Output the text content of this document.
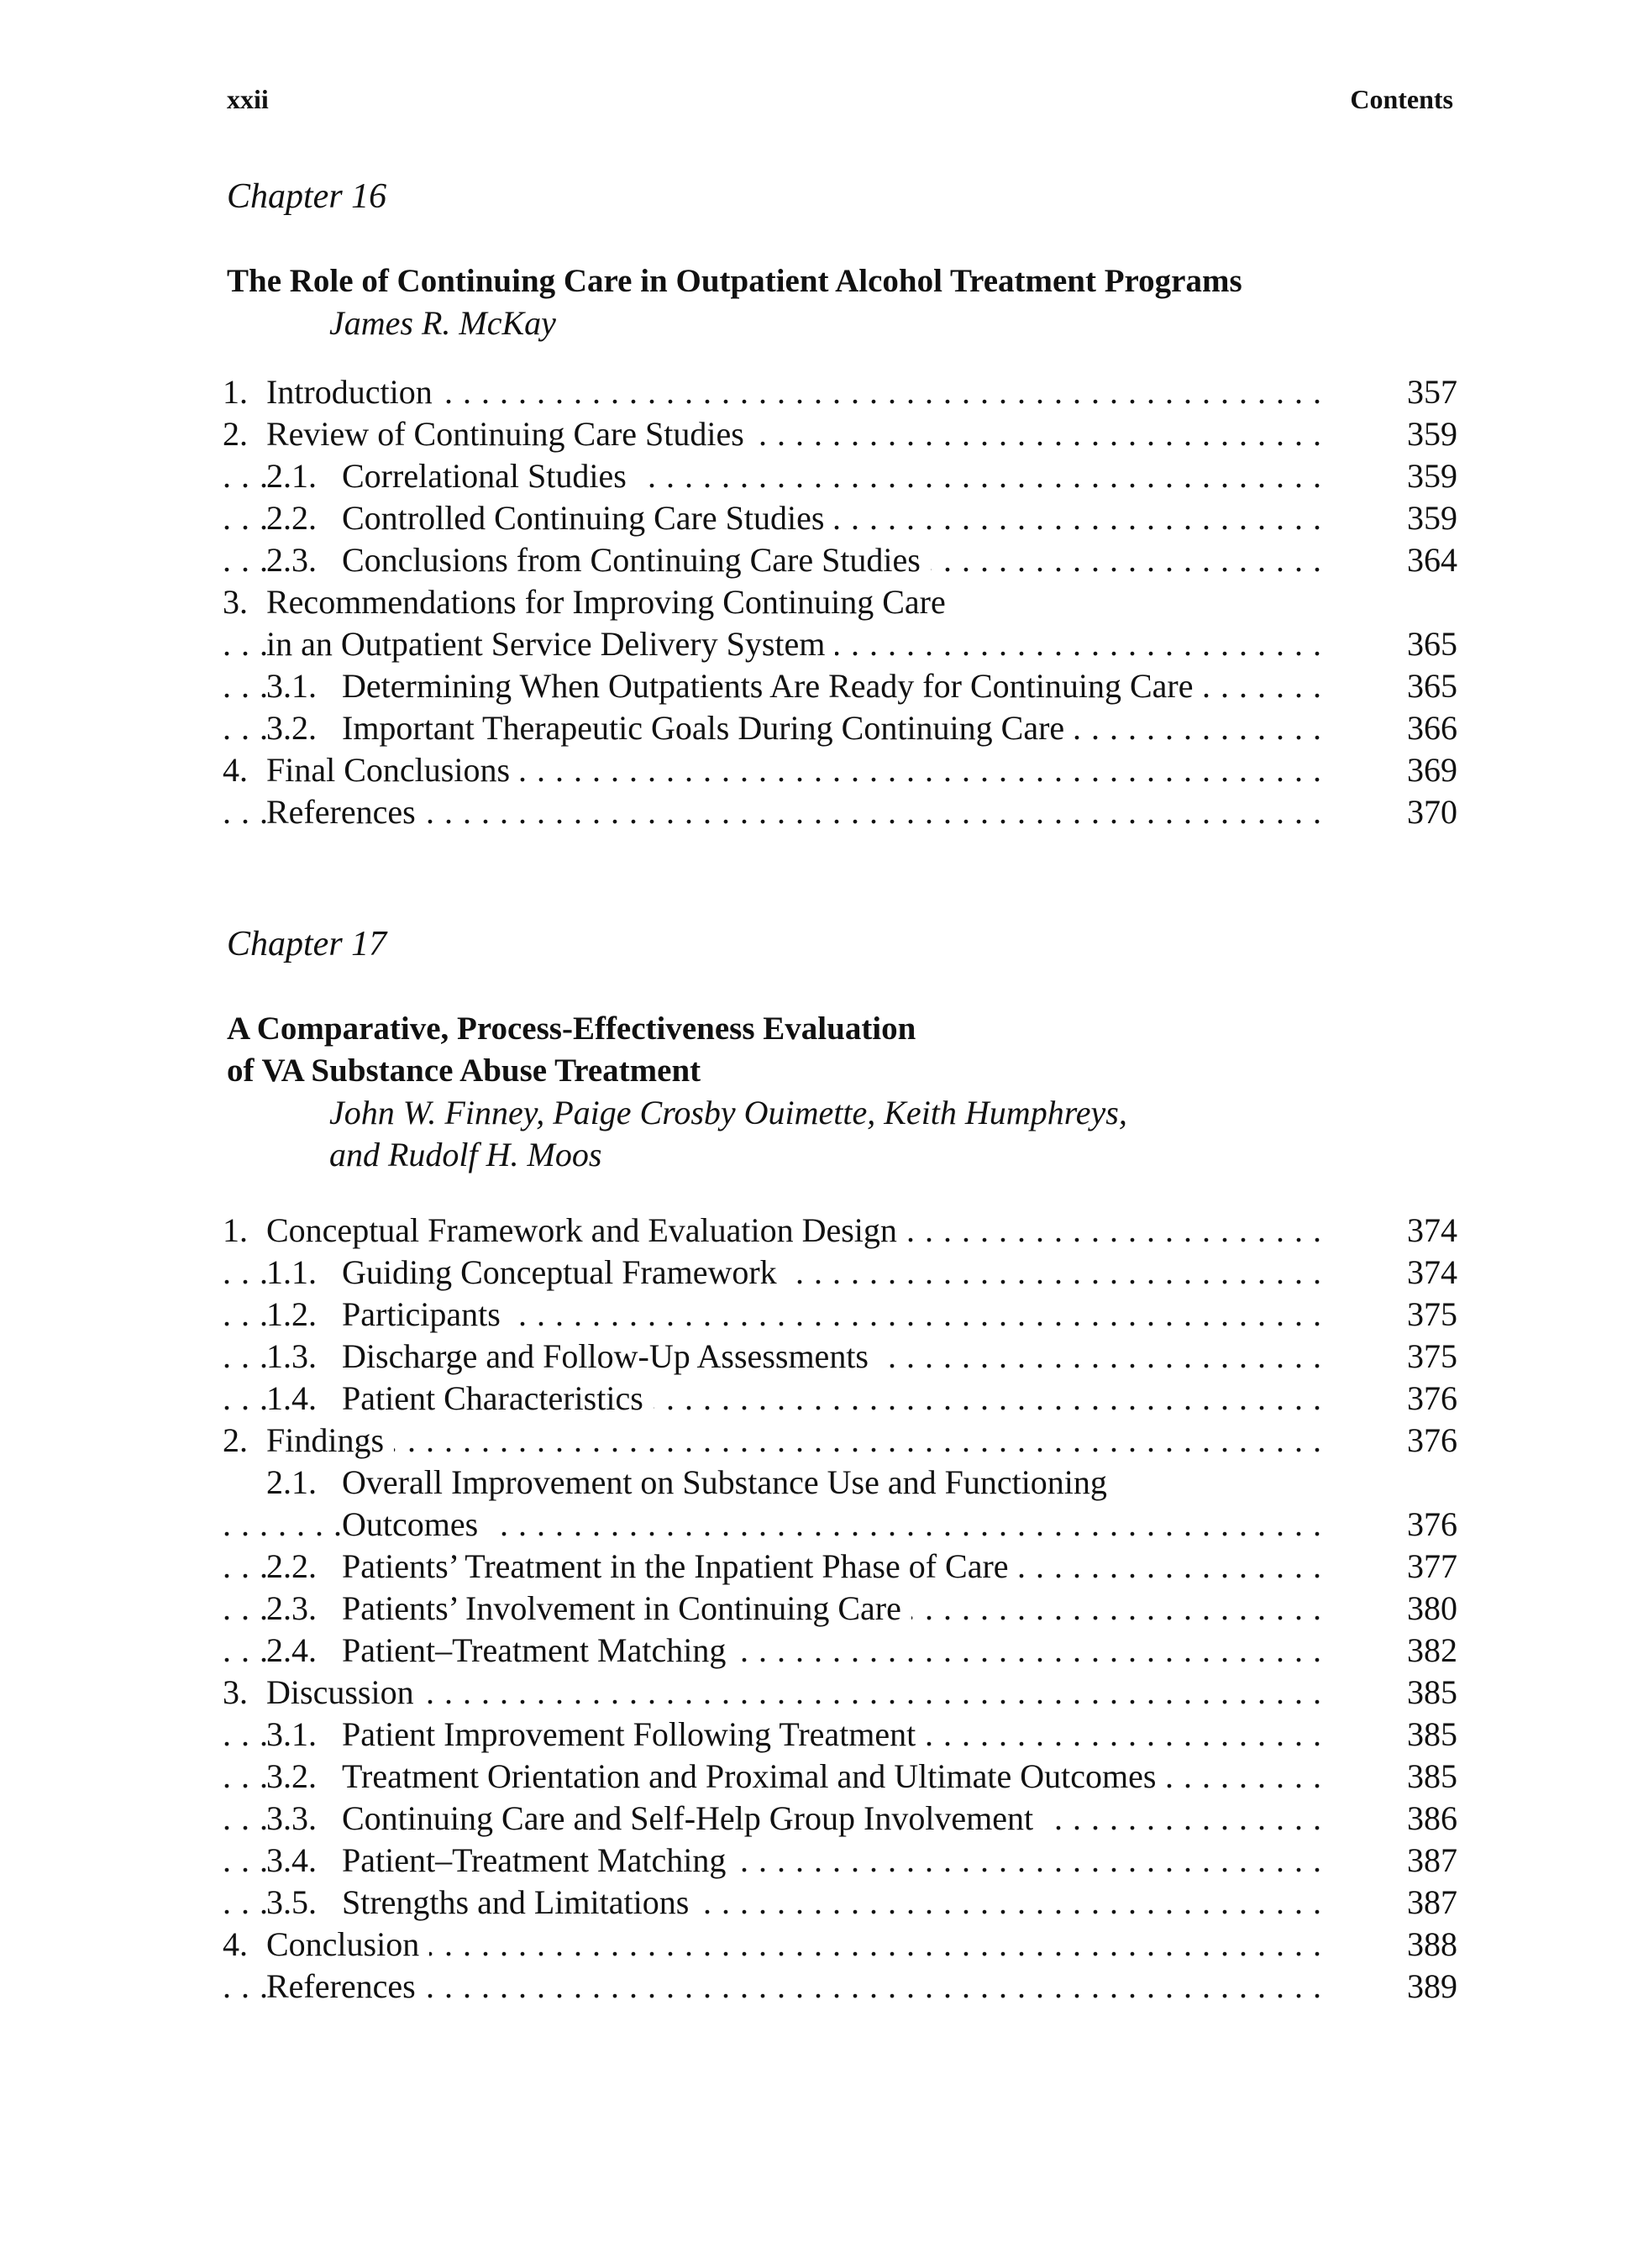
xxii	Contents
Chapter 16
The Role of Continuing Care in Outpatient Alcohol Treatment Programs
James R. McKay
1. Introduction . . .	357
2. Review of Continuing Care Studies . . .	359
2.1. Correlational Studies . . .	359
2.2. Controlled Continuing Care Studies . . .	359
2.3. Conclusions from Continuing Care Studies . . .	364
3. Recommendations for Improving Continuing Care
in an Outpatient Service Delivery System . . .	365
3.1. Determining When Outpatients Are Ready for Continuing Care . . .	365
3.2. Important Therapeutic Goals During Continuing Care . . .	366
4. Final Conclusions . . .	369
References . . .	370
Chapter 17
A Comparative, Process-Effectiveness Evaluation
of VA Substance Abuse Treatment
John W. Finney, Paige Crosby Ouimette, Keith Humphreys,
and Rudolf H. Moos
1. Conceptual Framework and Evaluation Design . . .	374
1.1. Guiding Conceptual Framework . . .	374
1.2. Participants . . .	375
1.3. Discharge and Follow-Up Assessments . . .	375
1.4. Patient Characteristics . . .	376
2. Findings . . .	376
2.1. Overall Improvement on Substance Use and Functioning
Outcomes . . .	376
2.2. Patients’ Treatment in the Inpatient Phase of Care . . .	377
2.3. Patients’ Involvement in Continuing Care . . .	380
2.4. Patient–Treatment Matching . . .	382
3. Discussion . . .	385
3.1. Patient Improvement Following Treatment . . .	385
3.2. Treatment Orientation and Proximal and Ultimate Outcomes . . .	385
3.3. Continuing Care and Self-Help Group Involvement . . .	386
3.4. Patient–Treatment Matching . . .	387
3.5. Strengths and Limitations . . .	387
4. Conclusion . . .	388
References . . .	389
